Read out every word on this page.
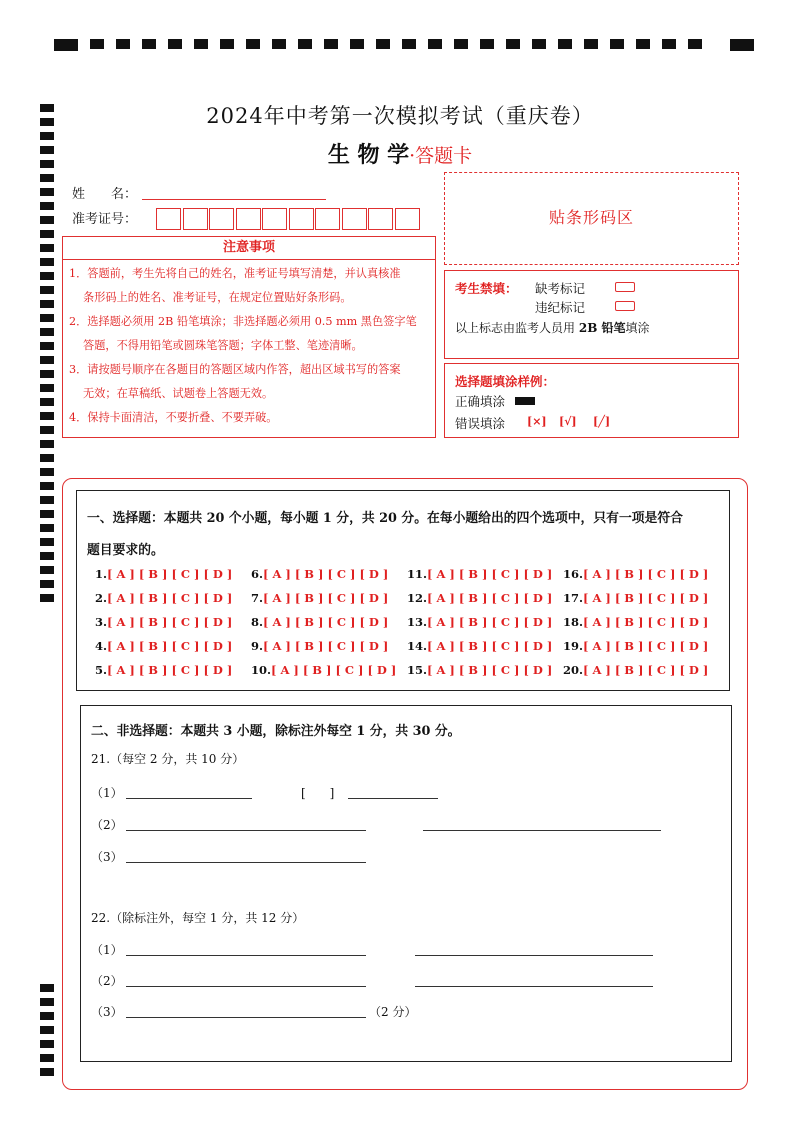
2024年中考第一次模拟考试（重庆卷）
生 物 学·答题卡
姓　　名：
准考证号：
注意事项

1．答题前，考生先将自己的姓名，准考证号填写清楚，并认真核准

条形码上的姓名、准考证号，在规定位置贴好条形码。

2．选择题必须用 2B 铅笔填涂；非选择题必须用 0.5 mm 黑色签字笔

答题，不得用铅笔或圆珠笔答题；字体工整、笔迹清晰。

3．请按题号顺序在各题目的答题区域内作答，超出区域书写的答案

无效；在草稿纸、试题卷上答题无效。

4．保持卡面清洁，不要折叠、不要弄破。

贴条形码区
考生禁填： 缺考标记
违纪标记
以上标志由监考人员用 2B 铅笔填涂
选择题填涂样例：
正确填涂
错误填涂 [×] [√] [╱]
一、选择题：本题共 20 个小题，每小题 1 分，共 20 分。在每小题给出的四个选项中，只有一项是符合
题目要求的。
1.[ A ] [ B ] [ C ] [ D ]
2.[ A ] [ B ] [ C ] [ D ]
3.[ A ] [ B ] [ C ] [ D ]
4.[ A ] [ B ] [ C ] [ D ]
5.[ A ] [ B ] [ C ] [ D ]
6.[ A ] [ B ] [ C ] [ D ]
7.[ A ] [ B ] [ C ] [ D ]
8.[ A ] [ B ] [ C ] [ D ]
9.[ A ] [ B ] [ C ] [ D ]
10.[ A ] [ B ] [ C ] [ D ]
11.[ A ] [ B ] [ C ] [ D ]
12.[ A ] [ B ] [ C ] [ D ]
13.[ A ] [ B ] [ C ] [ D ]
14.[ A ] [ B ] [ C ] [ D ]
15.[ A ] [ B ] [ C ] [ D ]
16.[ A ] [ B ] [ C ] [ D ]
17.[ A ] [ B ] [ C ] [ D ]
18.[ A ] [ B ] [ C ] [ D ]
19.[ A ] [ B ] [ C ] [ D ]
20.[ A ] [ B ] [ C ] [ D ]
二、非选择题：本题共 3 小题，除标注外每空 1 分，共 30 分。
21.（每空 2 分，共 10 分）
（1）	[　　]
（2）
（3）
22.（除标注外，每空 1 分，共 12 分）
（1）
（2）
（3）	（2 分）
